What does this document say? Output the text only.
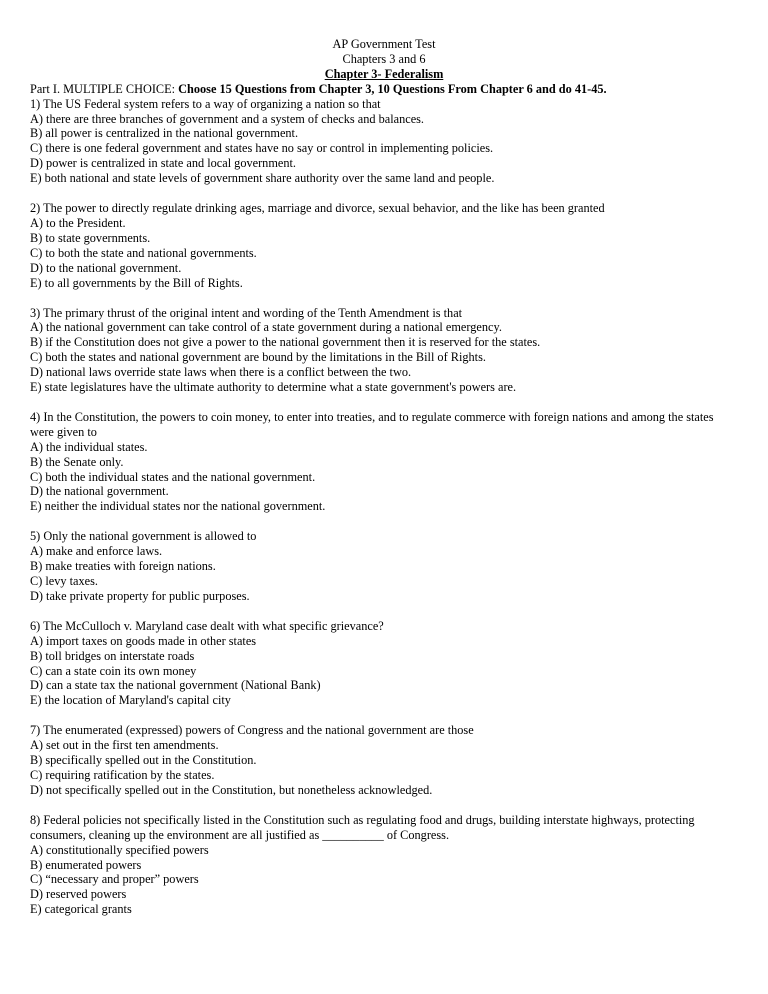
AP Government Test
Chapters 3 and 6
Chapter 3- Federalism
Part I. MULTIPLE CHOICE: Choose 15 Questions from Chapter 3, 10 Questions From Chapter 6 and do 41-45.
1) The US Federal system refers to a way of organizing a nation so that
A) there are three branches of government and a system of checks and balances.
B) all power is centralized in the national government.
C) there is one federal government and states have no say or control in implementing policies.
D) power is centralized in state and local government.
E) both national and state levels of government share authority over the same land and people.
2) The power to directly regulate drinking ages, marriage and divorce, sexual behavior, and the like has been granted
A) to the President.
B) to state governments.
C) to both the state and national governments.
D) to the national government.
E) to all governments by the Bill of Rights.
3) The primary thrust of the original intent and wording of the Tenth Amendment is that
A) the national government can take control of a state government during a national emergency.
B) if the Constitution does not give a power to the national government then it is reserved for the states.
C) both the states and national government are bound by the limitations in the Bill of Rights.
D) national laws override state laws when there is a conflict between the two.
E) state legislatures have the ultimate authority to determine what a state government's powers are.
4) In the Constitution, the powers to coin money, to enter into treaties, and to regulate commerce with foreign nations and among the states were given to
A) the individual states.
B) the Senate only.
C) both the individual states and the national government.
D) the national government.
E) neither the individual states nor the national government.
5) Only the national government is allowed to
A) make and enforce laws.
B) make treaties with foreign nations.
C) levy taxes.
D) take private property for public purposes.
6) The McCulloch v. Maryland case dealt with what specific grievance?
A) import taxes on goods made in other states
B) toll bridges on interstate roads
C) can a state coin its own money
D) can a state tax the national government (National Bank)
E) the location of Maryland's capital city
7) The enumerated (expressed) powers of Congress and the national government are those
A) set out in the first ten amendments.
B) specifically spelled out in the Constitution.
C) requiring ratification by the states.
D) not specifically spelled out in the Constitution, but nonetheless acknowledged.
8) Federal policies not specifically listed in the Constitution such as regulating food and drugs, building interstate highways, protecting consumers, cleaning up the environment are all justified as __________ of Congress.
A) constitutionally specified powers
B) enumerated powers
C) “necessary and proper” powers
D) reserved powers
E) categorical grants
